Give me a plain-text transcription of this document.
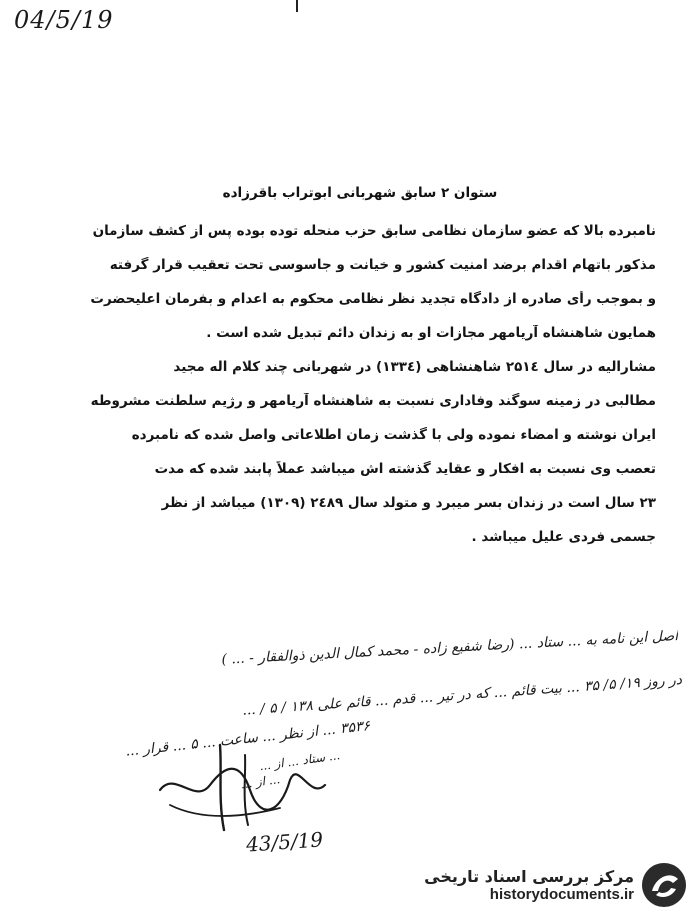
04/5/19
ستوان ۲ سابق شهربانی ابوتراب باقرزاده
نامبرده بالا که عضو سازمان نظامی سابق حزب منحله توده بوده پس از کشف سازمان
مذکور باتهام اقدام برضد امنیت کشور و خیانت و جاسوسی تحت تعقیب قرار گرفته
و بموجب رأی صادره از دادگاه تجدید نظر نظامی محکوم به اعدام و بفرمان اعلیحضرت
همایون شاهنشاه آریامهر مجازات او به زندان دائم تبدیل شده است .
مشارالیه در سال ۲۵۱٤ شاهنشاهی (۱۳۳٤) در شهربانی چند کلام اله مجید
مطالبی در زمینه سوگند وفاداری نسبت به شاهنشاه آریامهر و رژیم سلطنت مشروطه
ایران نوشته و امضاء نموده ولی با گذشت زمان اطلاعاتی واصل شده که نامبرده
تعصب وی نسبت به افکار و عقاید گذشته اش میباشد عملاً پابند شده که مدت
۲۳ سال است در زندان بسر میبرد و متولد سال ۲٤۸۹ (۱۳۰۹) میباشد از نظر
جسمی فردی علیل میباشد .
اصل این نامه به ... ستاد ... (رضا شفیع زاده - محمد کمال الدین ذوالفقار - ... )
در روز ۱۹/ ۵/ ۳۵ ... بیت قائم ... که در تیر ... قدم ... قائم علی ۱۳۸ / ۵ / ...
۳۵۳۶ ... از نظر ... ساعت ... ۵ ... قرار ...
... ستاد ... از ...
... از ...
43/5/19
مرکز بررسی اسناد تاریخی
historydocuments.ir
